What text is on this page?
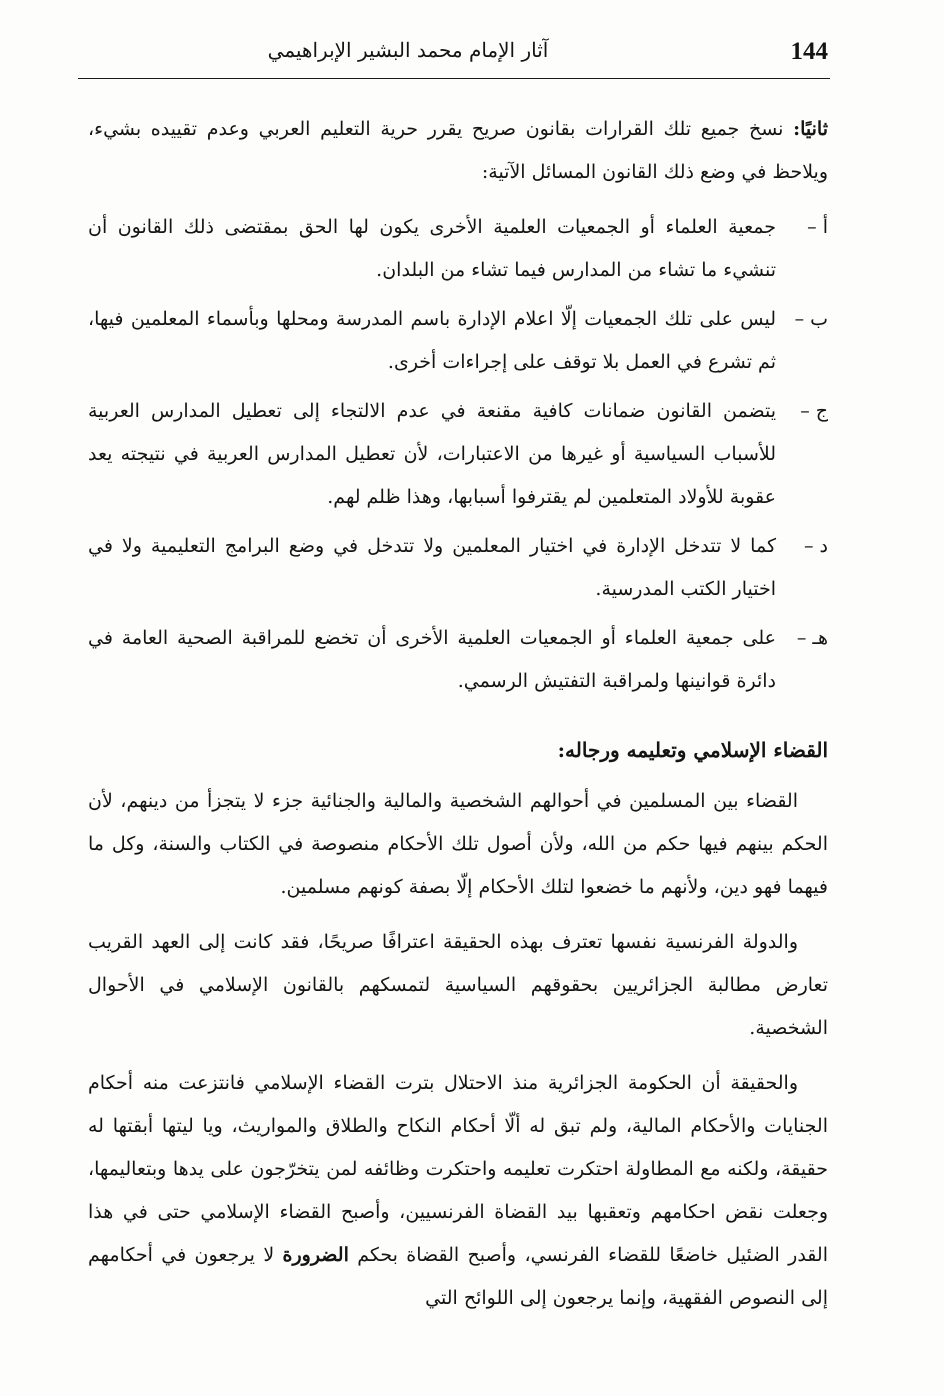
144
آثار الإمام محمد البشير الإبراهيمي

ثانيًا: نسخ جميع تلك القرارات بقانون صريح يقرر حرية التعليم العربي وعدم تقييده بشيء، ويلاحظ في وضع ذلك القانون المسائل الآتية:

أ –
جمعية العلماء أو الجمعيات العلمية الأخرى يكون لها الحق بمقتضى ذلك القانون أن تنشيء ما تشاء من المدارس فيما تشاء من البلدان.
ب –
ليس على تلك الجمعيات إلّا اعلام الإدارة باسم المدرسة ومحلها وبأسماء المعلمين فيها، ثم تشرع في العمل بلا توقف على إجراءات أخرى.
ج –
يتضمن القانون ضمانات كافية مقنعة في عدم الالتجاء إلى تعطيل المدارس العربية للأسباب السياسية أو غيرها من الاعتبارات، لأن تعطيل المدارس العربية في نتيجته يعد عقوبة للأولاد المتعلمين لم يقترفوا أسبابها، وهذا ظلم لهم.
د –
كما لا تتدخل الإدارة في اختيار المعلمين ولا تتدخل في وضع البرامج التعليمية ولا في اختيار الكتب المدرسية.
هـ –
على جمعية العلماء أو الجمعيات العلمية الأخرى أن تخضع للمراقبة الصحية العامة في دائرة قوانينها ولمراقبة التفتيش الرسمي.
القضاء الإسلامي وتعليمه ورجاله:

القضاء بين المسلمين في أحوالهم الشخصية والمالية والجنائية جزء لا يتجزأ من دينهم، لأن الحكم بينهم فيها حكم من الله، ولأن أصول تلك الأحكام منصوصة في الكتاب والسنة، وكل ما فيهما فهو دين، ولأنهم ما خضعوا لتلك الأحكام إلّا بصفة كونهم مسلمين.

والدولة الفرنسية نفسها تعترف بهذه الحقيقة اعترافًا صريحًا، فقد كانت إلى العهد القريب تعارض مطالبة الجزائريين بحقوقهم السياسية لتمسكهم بالقانون الإسلامي في الأحوال الشخصية.

والحقيقة أن الحكومة الجزائرية منذ الاحتلال بترت القضاء الإسلامي فانتزعت منه أحكام الجنايات والأحكام المالية، ولم تبق له ألّا أحكام النكاح والطلاق والمواريث، ويا ليتها أبقتها له حقيقة، ولكنه مع المطاولة احتكرت تعليمه واحتكرت وظائفه لمن يتخرّجون على يدها وبتعاليمها، وجعلت نقض احكامهم وتعقبها بيد القضاة الفرنسيين، وأصبح القضاء الإسلامي حتى في هذا القدر الضئيل خاضعًا للقضاء الفرنسي، وأصبح القضاة بحكم الضرورة لا يرجعون في أحكامهم إلى النصوص الفقهية، وإنما يرجعون إلى اللوائح التي
